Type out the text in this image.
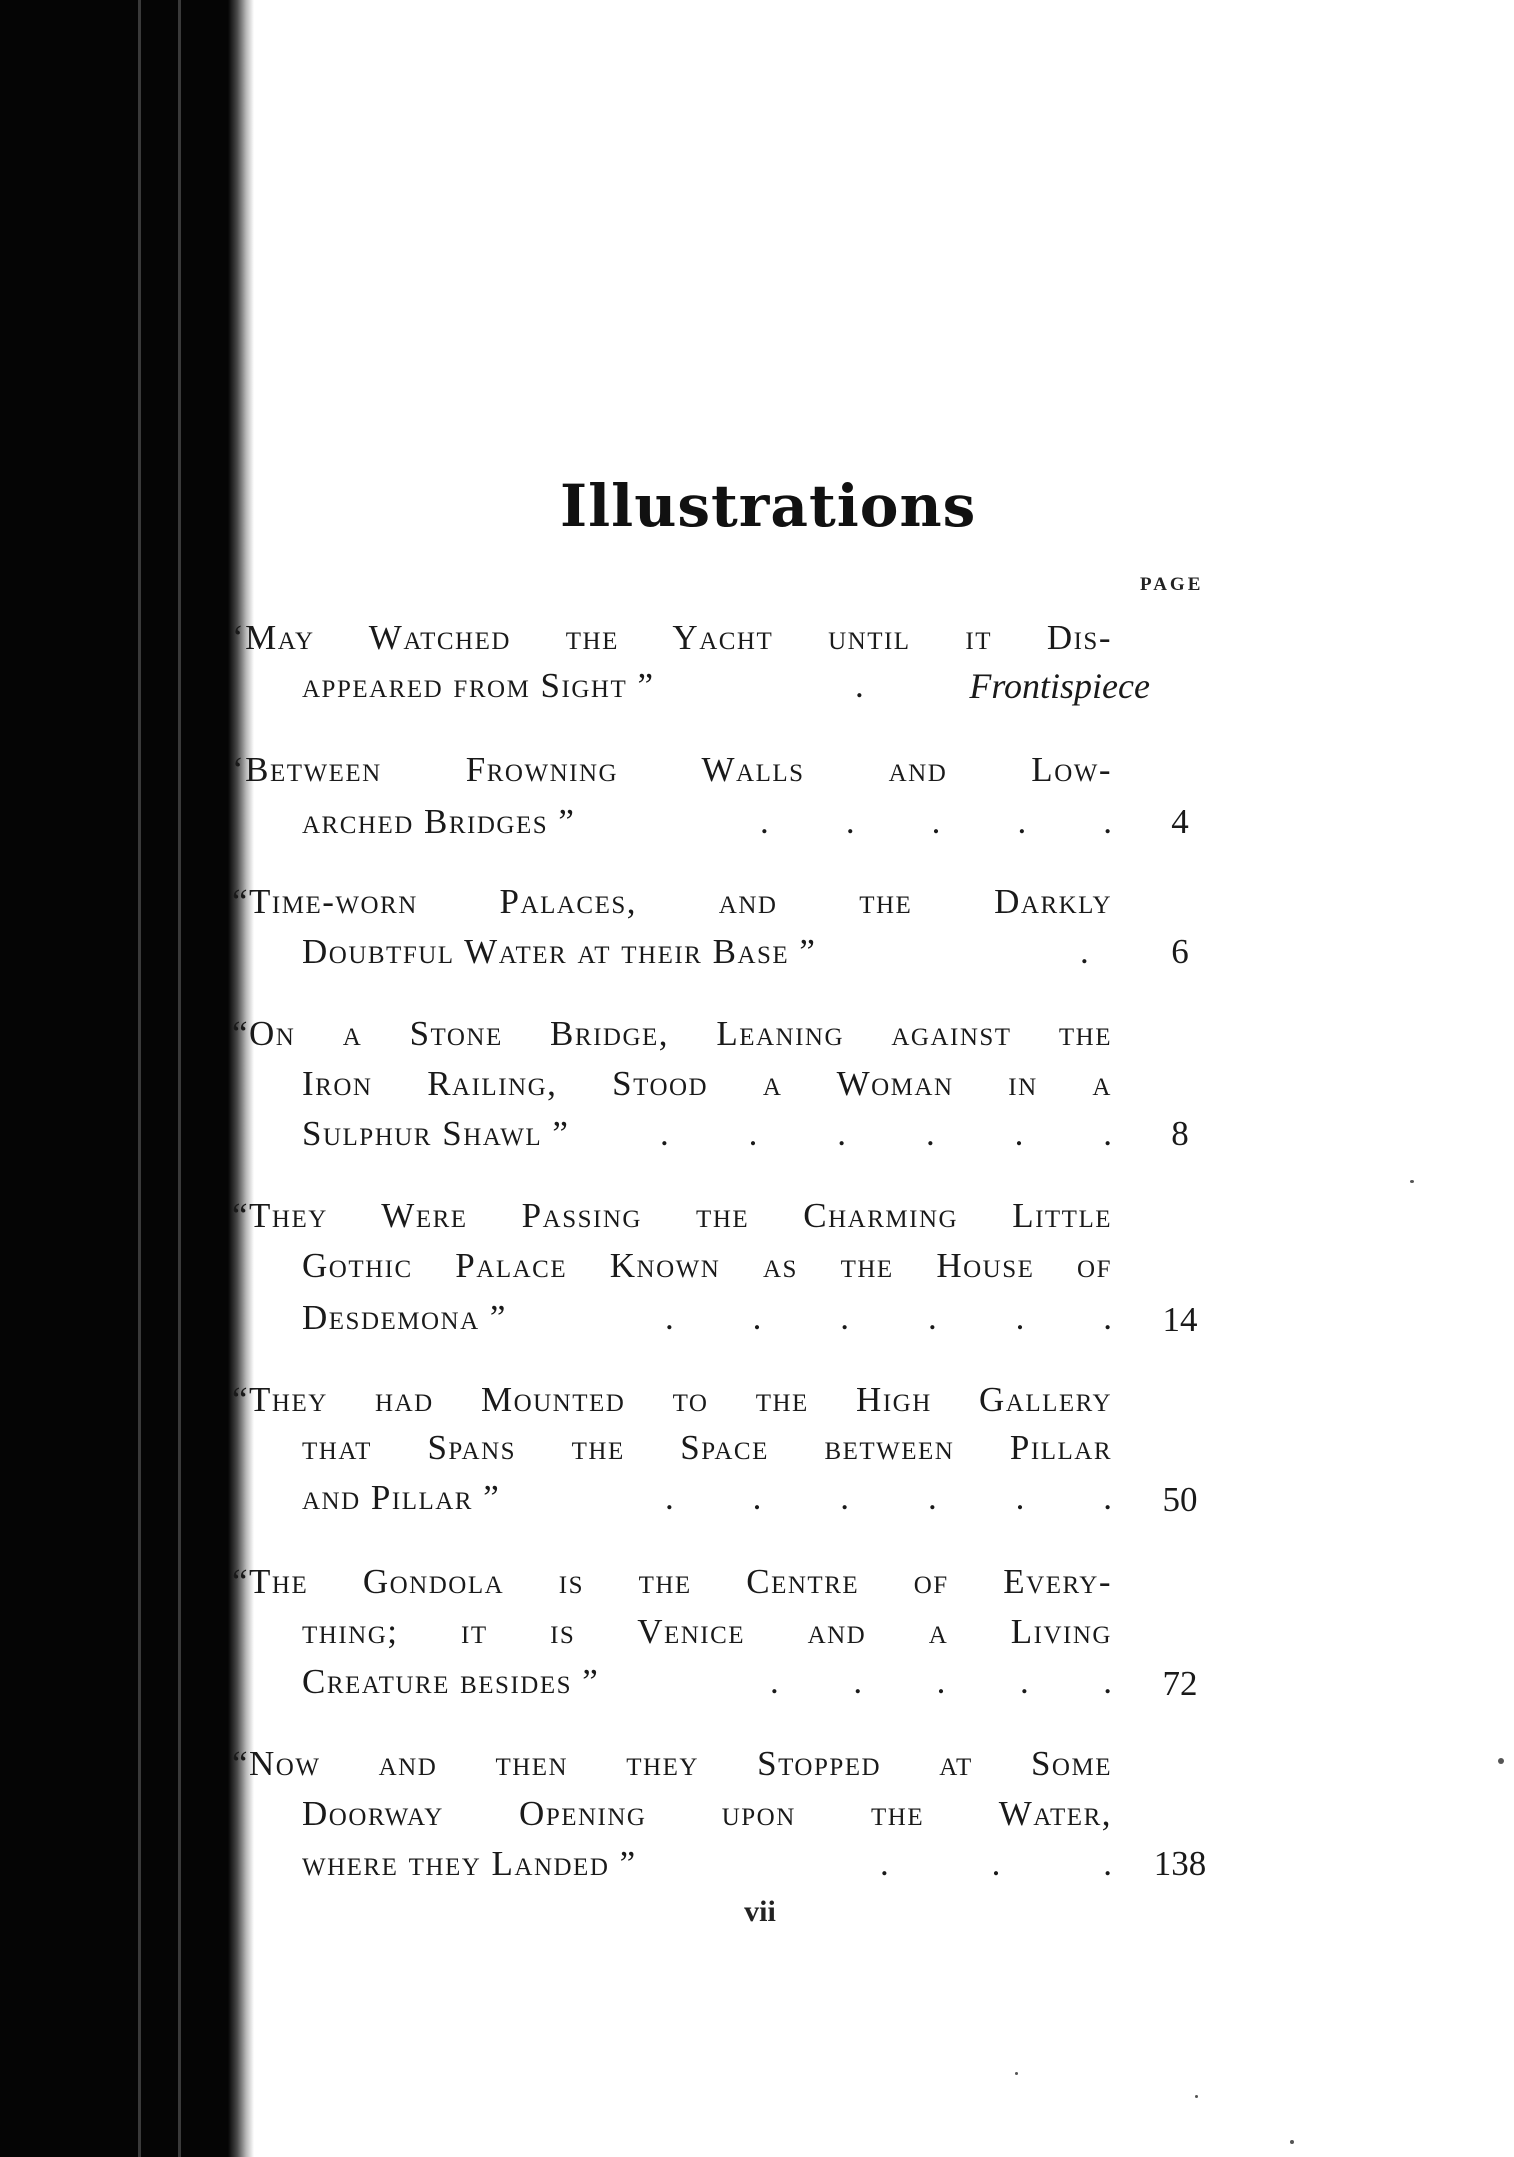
Illustrations
PAGE
‘May Watched the Yacht until it Dis-
appeared from Sight ”	.	Frontispiece
‘Between Frowning Walls and Low-
arched Bridges ”	. . . . .	4
“Time-worn Palaces, and the Darkly
Doubtful Water at their Base ”	.	6
“On a Stone Bridge, Leaning against the
Iron Railing, Stood a Woman in a
Sulphur Shawl ”	. . . . . .	8
“They Were Passing the Charming Little
Gothic Palace Known as the House of
Desdemona ”	. . . . . .	14
“They had Mounted to the High Gallery
that Spans the Space between Pillar
and Pillar ”	. . . . . .	50
“The Gondola is the Centre of Every-
thing; it is Venice and a Living
Creature besides ”	. . . . .	72
“Now and then they Stopped at Some
Doorway Opening upon the Water,
where they Landed ”	. . .	138
vii
